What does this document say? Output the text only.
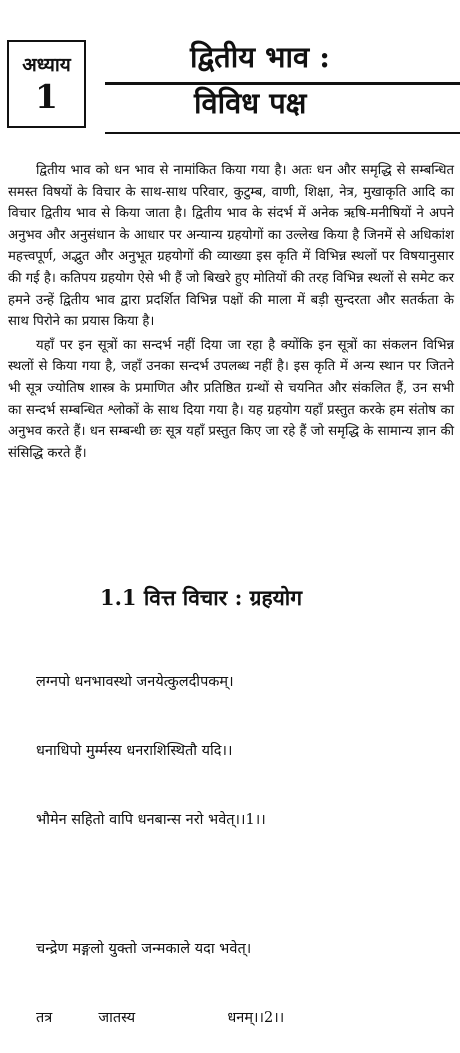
अध्याय
1
द्वितीय भाव :
विविध पक्ष

द्वितीय भाव को धन भाव से नामांकित किया गया है। अतः धन और समृद्धि से सम्बन्धित समस्त विषयों के विचार के साथ-साथ परिवार, कुटुम्ब, वाणी, शिक्षा, नेत्र, मुखाकृति आदि का विचार द्वितीय भाव से किया जाता है। द्वितीय भाव के संदर्भ में अनेक ऋषि-मनीषियों ने अपने अनुभव और अनुसंधान के आधार पर अन्यान्य ग्रहयोगों का उल्लेख किया है जिनमें से अधिकांश महत्त्वपूर्ण, अद्भुत और अनुभूत ग्रहयोगों की व्याख्या इस कृति में विभिन्न स्थलों पर विषयानुसार की गई है। कतिपय ग्रहयोग ऐसे भी हैं जो बिखरे हुए मोतियों की तरह विभिन्न स्थलों से समेट कर हमने उन्हें द्वितीय भाव द्वारा प्रदर्शित विभिन्न पक्षों की माला में बड़ी सुन्दरता और सतर्कता के साथ पिरोने का प्रयास किया है।

यहाँ पर इन सूत्रों का सन्दर्भ नहीं दिया जा रहा है क्योंकि इन सूत्रों का संकलन विभिन्न स्थलों से किया गया है, जहाँ उनका सन्दर्भ उपलब्ध नहीं है। इस कृति में अन्य स्थान पर जितने भी सूत्र ज्योतिष शास्त्र के प्रमाणित और प्रतिष्ठित ग्रन्थों से चयनित और संकलित हैं, उन सभी का सन्दर्भ सम्बन्धित श्लोकों के साथ दिया गया है। यह ग्रहयोग यहाँ प्रस्तुत करके हम संतोष का अनुभव करते हैं। धन सम्बन्धी छः सूत्र यहाँ प्रस्तुत किए जा रहे हैं जो समृद्धि के सामान्य ज्ञान की संसिद्धि करते हैं।

1.1 वित्त विचार : ग्रहयोग

लग्नपो धनभावस्थो जनयेत्कुलदीपकम्।

धनाधिपो मुर्म्मस्य धनराशिस्थितौ यदि।।

भौमेन सहितो वापि धनबान्स नरो भवेत्।।1।।

चन्द्रेण मङ्गलो युक्तो जन्मकाले यदा भवेत्।

तत्र          जातस्य                    धनम्।।2।।
